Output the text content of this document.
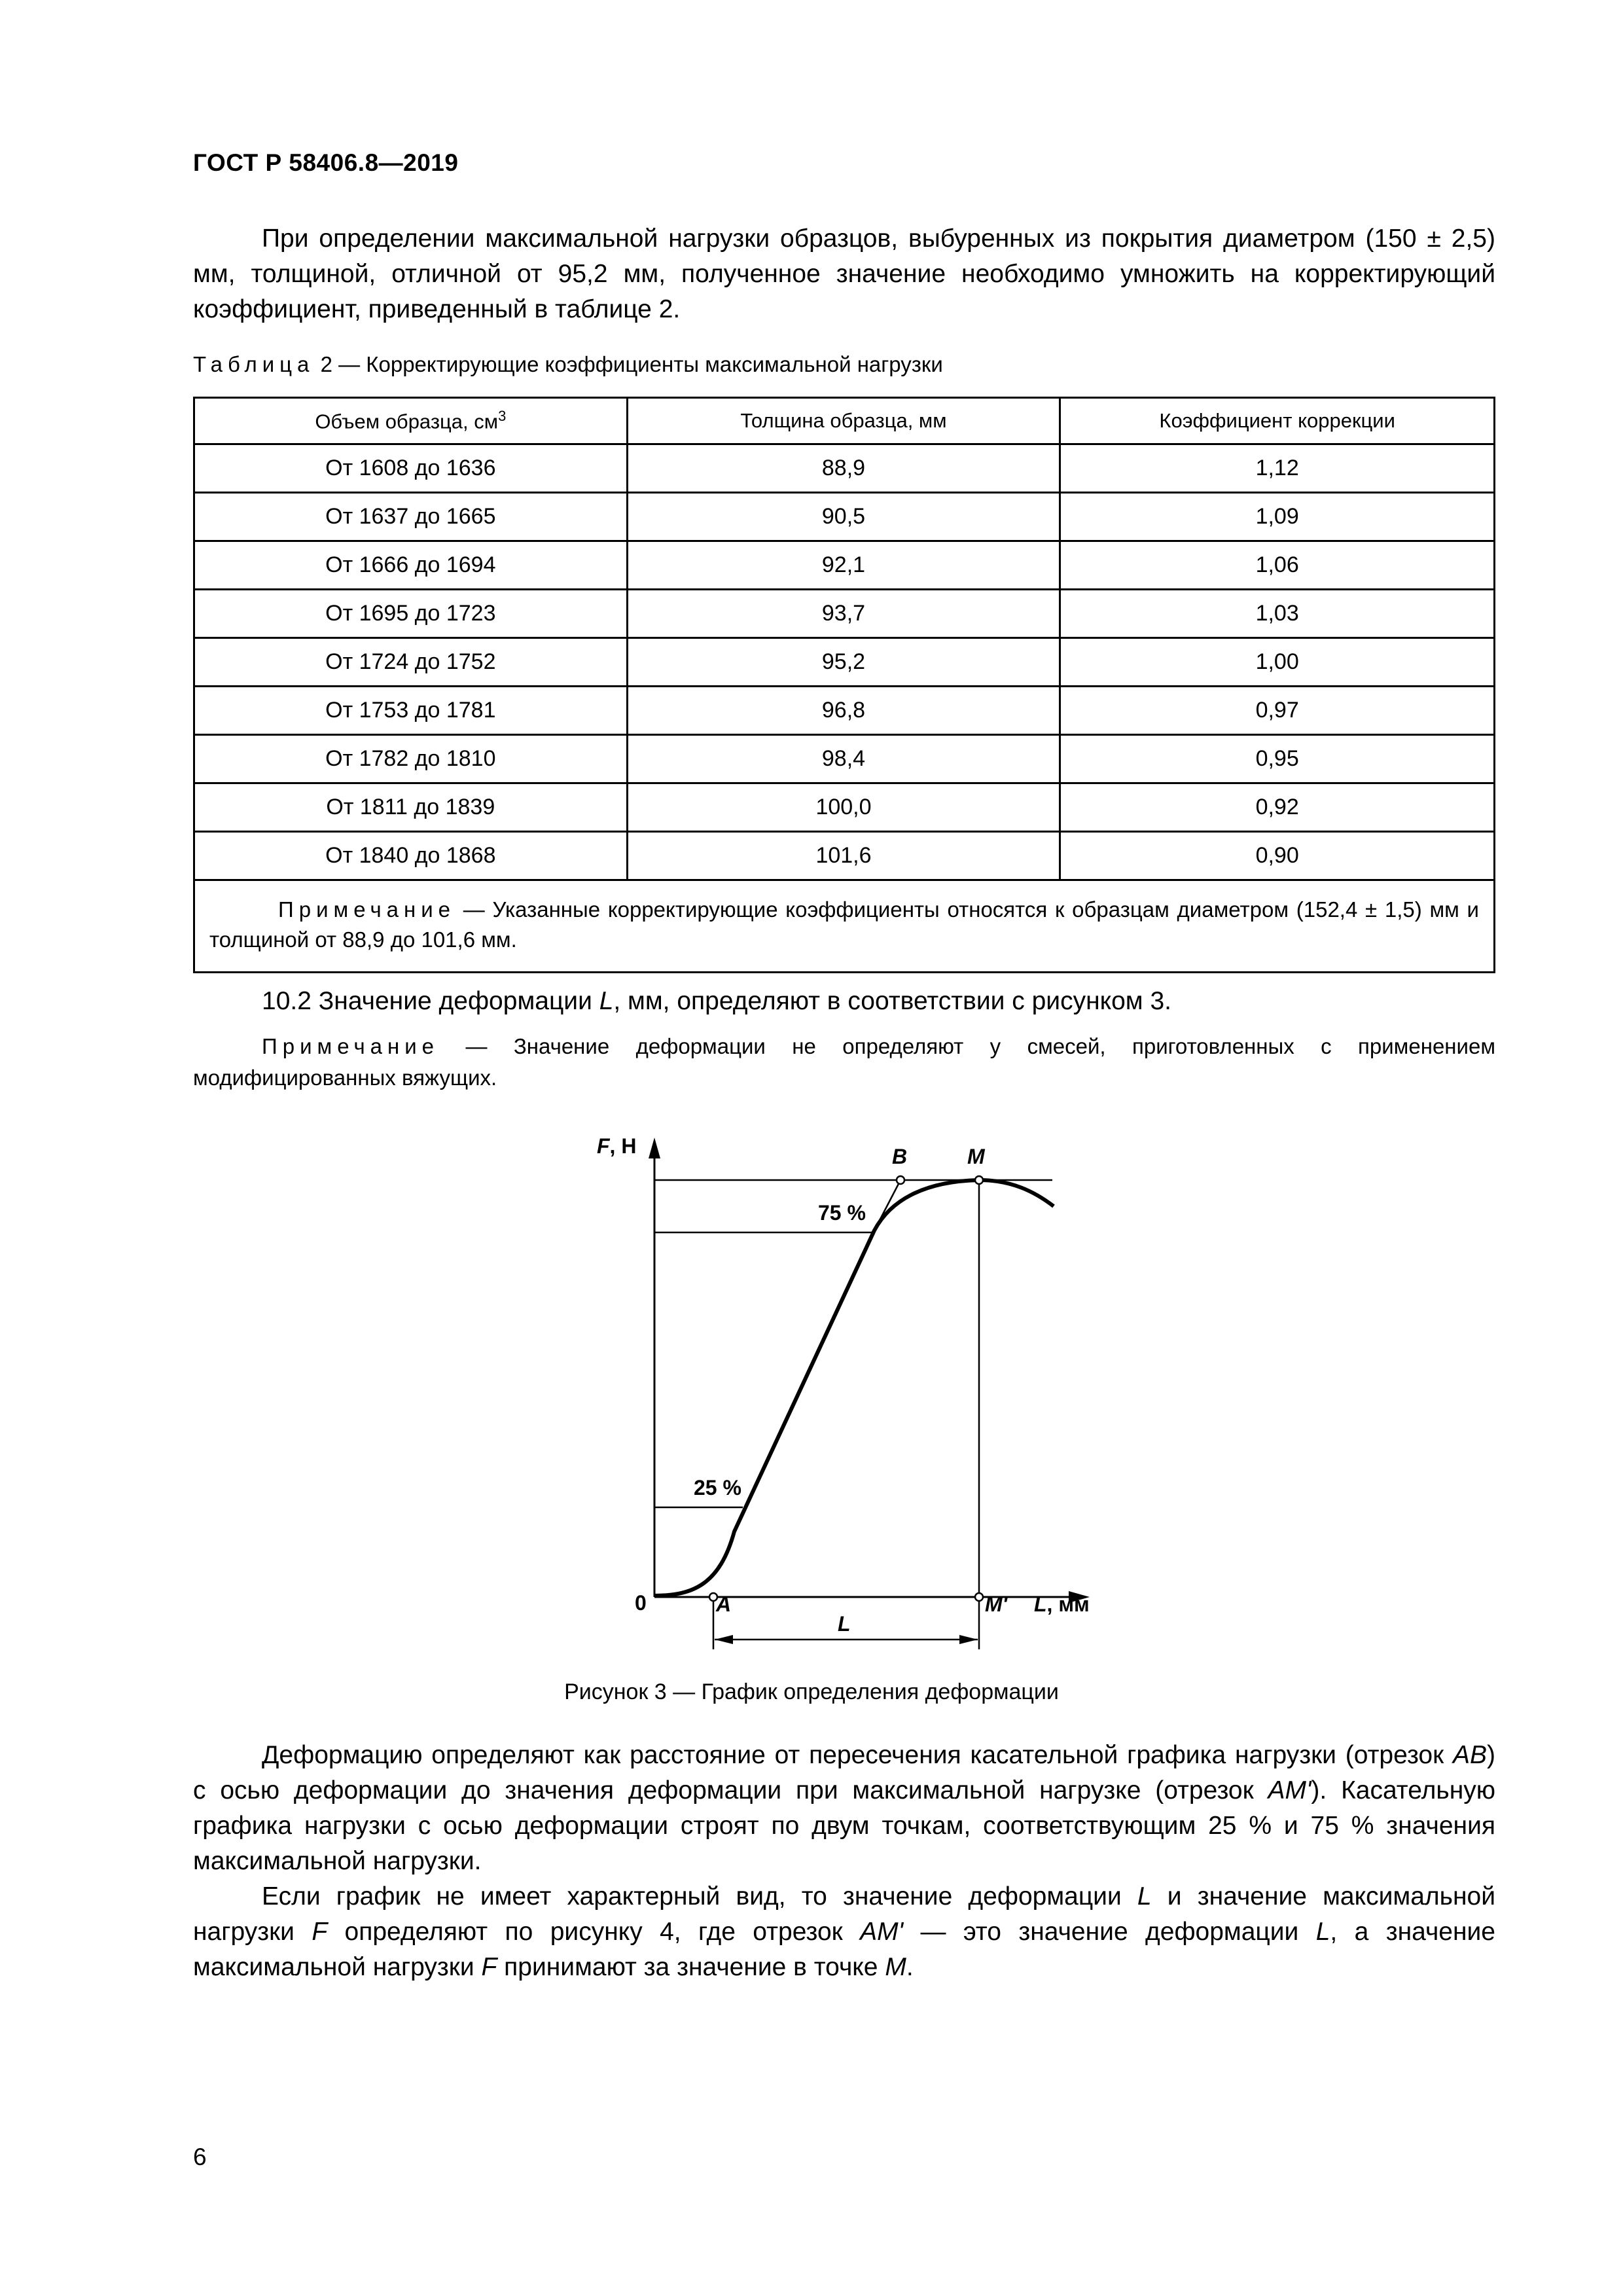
ГОСТ Р 58406.8—2019
При определении максимальной нагрузки образцов, выбуренных из покрытия диаметром (150 ± 2,5) мм, толщиной, отличной от 95,2 мм, полученное значение необходимо умножить на корректирующий коэффициент, приведенный в таблице 2.
Таблица 2 — Корректирующие коэффициенты максимальной нагрузки
Объем образца, $см^3$	Толщина образца, мм	Коэффициент коррекции
От 1608 до 1636	88,9	1,12
От 1637 до 1665	90,5	1,09
От 1666 до 1694	92,1	1,06
От 1695 до 1723	93,7	1,03
От 1724 до 1752	95,2	1,00
От 1753 до 1781	96,8	0,97
От 1782 до 1810	98,4	0,95
От 1811 до 1839	100,0	0,92
От 1840 до 1868	101,6	0,90

Примечание — Указанные корректирующие коэффициенты относятся к образцам диаметром (152,4 ± 1,5) мм и толщиной от 88,9 до 101,6 мм.		
10.2 Значение деформации L, мм, определяют в соответствии с рисунком 3.
Примечание — Значение деформации не определяют у смесей, приготовленных с применением модифицированных вяжущих.
F, Н
L, мм
0	A
B	M
M'
L
75 %
25 %
Рисунок 3 — График определения деформации
Деформацию определяют как расстояние от пересечения касательной графика нагрузки (отрезок AB) с осью деформации до значения деформации при максимальной нагрузке (отрезок AM'). Касательную графика нагрузки с осью деформации строят по двум точкам, соответствующим 25 % и 75 % значения максимальной нагрузки.
Если график не имеет характерный вид, то значение деформации L и значение максимальной нагрузки F определяют по рисунку 4, где отрезок AM' — это значение деформации L, а значение максимальной нагрузки F принимают за значение в точке M.
6
